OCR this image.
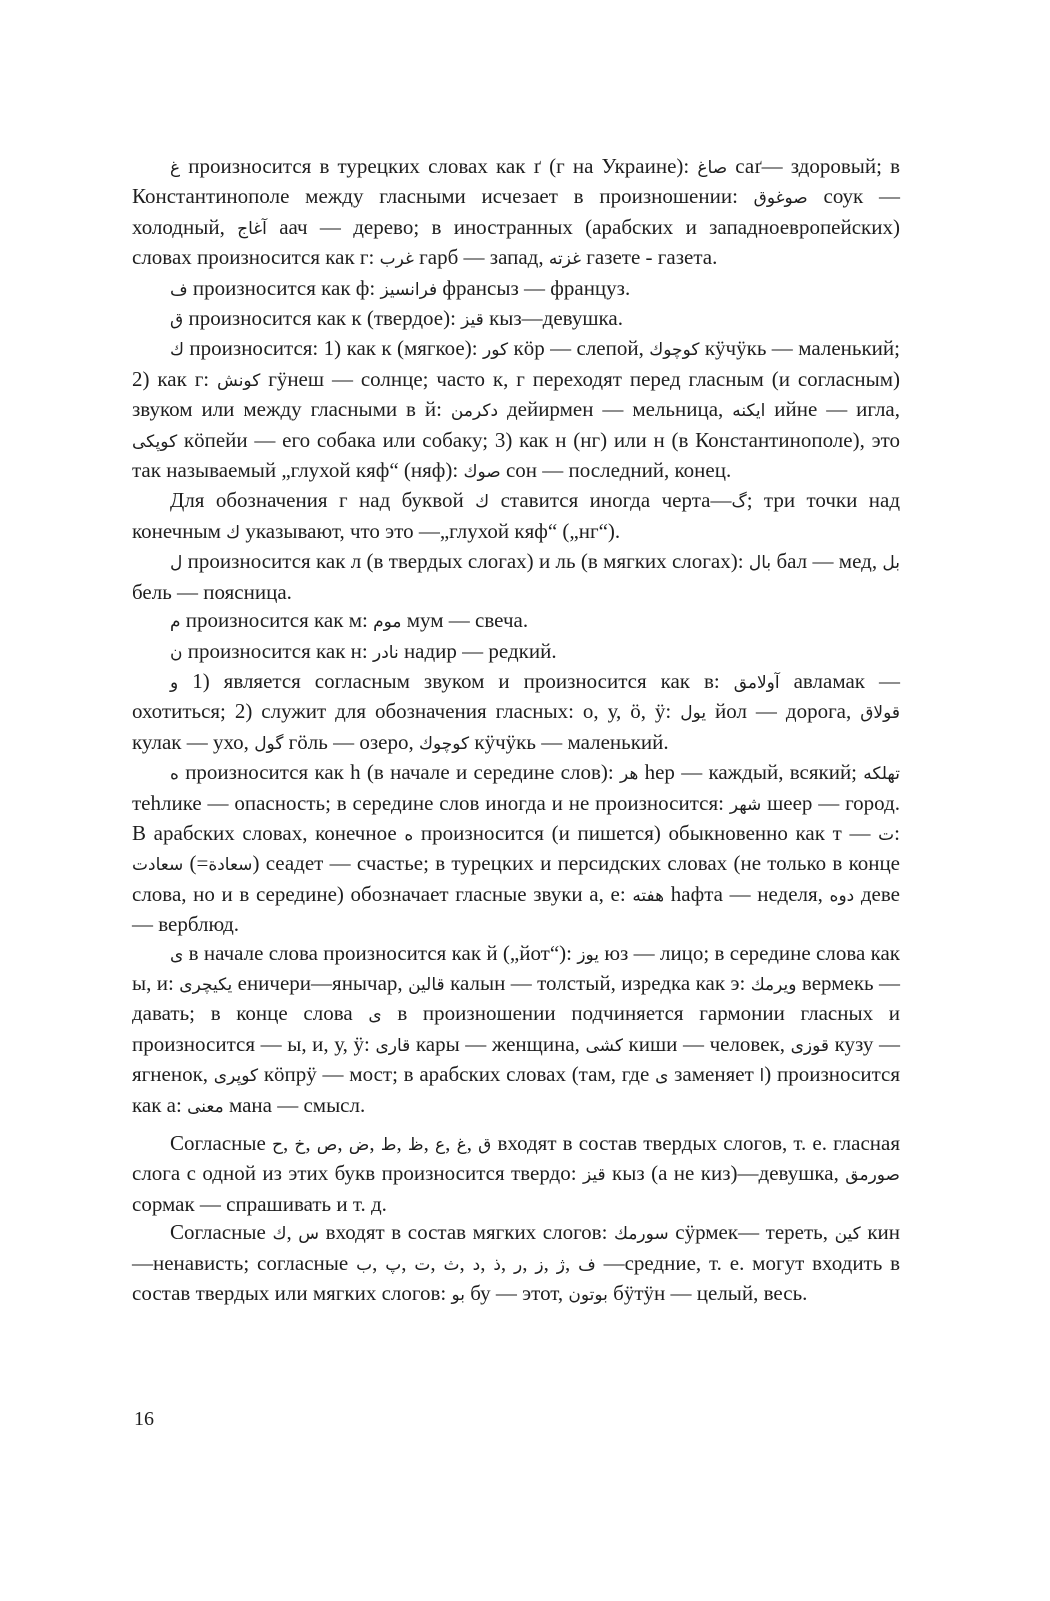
غ произносится в турецких словах как ґ (г на Украине): صاغ саґ— здоровый; в Константинополе между гласными исчезает в произношении: صوغوق соук — холодный, آغاج аач — дерево; в иностранных (арабских и западноевропейских) словах произносится как г: غرب гарб — запад, غزته газете - газета.

ف произносится как ф: فرانسيز франсыз — француз.

ق произносится как к (твердое): قيز кыз—девушка.

ك произносится: 1) как к (мягкое): كور кӧр — слепой, كوچوك кӱчӱкь — маленький; 2) как г: كونش гӱнеш — солнце; часто к, г переходят перед гласным (и согласным) звуком или между гласными в й: دكرمن дейирмен — мельница, ايكنه ийне — игла, كوپكى кӧпейи — его собака или собаку; 3) как н (нг) или н (в Константинополе), это так называемый „глухой кяф“ (няф): صوك сон — последний, конец.

Для обозначения г над буквой ك ставится иногда черта—گ; три точки над конечным ك указывают, что это —„глухой кяф“ („нг“).

ل произносится как л (в твердых слогах) и ль (в мягких слогах): بال бал — мед, بل бель — поясница.

م произносится как м: موم мум — свеча.

ن произносится как н: نادر надир — редкий.

و 1) является согласным звуком и произносится как в: آولامق авламак — охотиться; 2) служит для обозначения гласных: о, у, ӧ, ӱ: يول йол — дорога, قولاق кулак — ухо, گول гӧль — озеро, كوچوك кӱчӱкь — маленький.

ه произносится как h (в начале и середине слов): هر hер — каждый, всякий; تهلكه теhлике — опасность; в середине слов иногда и не произносится: شهر шеер — город. В арабских словах, конечное ه произносится (и пишется) обыкновенно как т — ت: سعادت (=سعادة) сеадет — счастье; в турецких и персидских словах (не только в конце слова, но и в середине) обозначает гласные звуки а, е: هفته hафта — неделя, دوه деве — верблюд.

ى в начале слова произносится как й („йот“): يوز юз — лицо; в середине слова как ы, и: يكيچرى еничери—янычар, قالين калын — толстый, изредка как э: ويرمك вермекь — давать; в конце слова ى в произношении подчиняется гармонии гласных и произносится — ы, и, у, ӱ: قارى кары — женщина, كشى киши — человек, قوزى кузу — ягненок, كوپرى кӧпрӱ — мост; в арабских словах (там, где ى заменяет ا) произносится как а: معنى мана — смысл.

Согласные ح, خ, ص, ض, ط, ظ, ع, غ, ق входят в состав твердых слогов, т. е. гласная слога с одной из этих букв произносится твердо: قيز кыз (а не киз)—девушка, صورمق сормак — спрашивать и т. д.

Согласные ك, س входят в состав мягких слогов: سورمك сӱрмек— тереть, كين кин—ненависть; согласные ب, پ, ت, ث, د, ذ, ر, ز, ژ, ف —средние, т. е. могут входить в состав твердых или мягких слогов: بو бу — этот, بوتون бӱтӱн — целый, весь.

16
